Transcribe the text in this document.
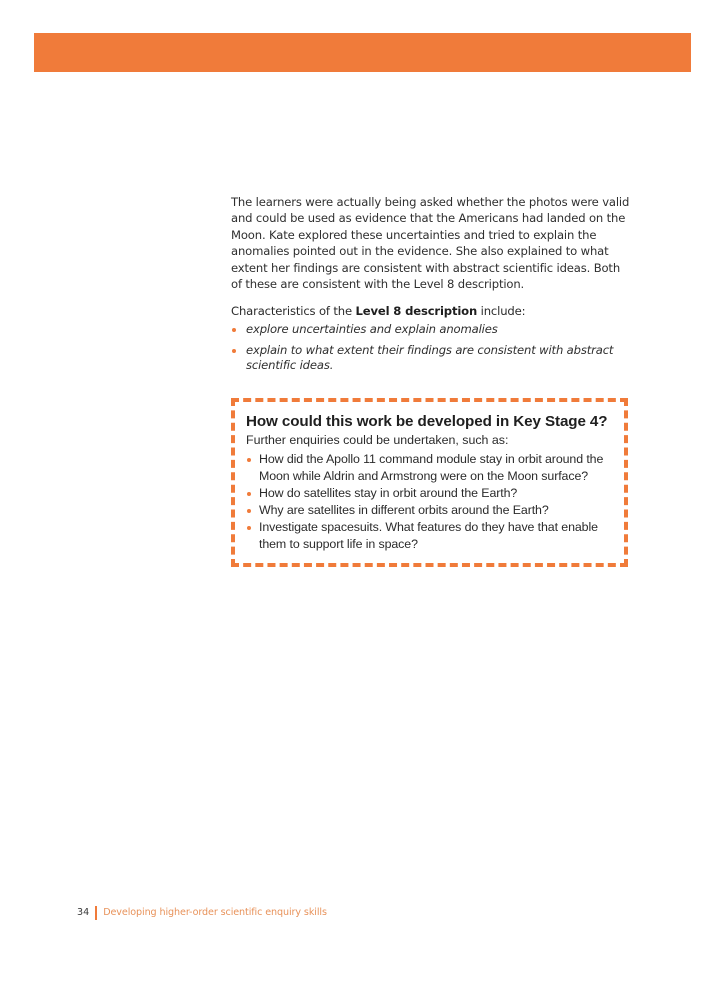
The learners were actually being asked whether the photos were valid and could be used as evidence that the Americans had landed on the Moon. Kate explored these uncertainties and tried to explain the anomalies pointed out in the evidence. She also explained to what extent her findings are consistent with abstract scientific ideas. Both of these are consistent with the Level 8 description.

Characteristics of the Level 8 description include:

explore uncertainties and explain anomalies
explain to what extent their findings are consistent with abstract scientific ideas.
How could this work be developed in Key Stage 4?

Further enquiries could be undertaken, such as:

How did the Apollo 11 command module stay in orbit around the Moon while Aldrin and Armstrong were on the Moon surface?
How do satellites stay in orbit around the Earth?
Why are satellites in different orbits around the Earth?
Investigate spacesuits. What features do they have that enable them to support life in space?
34 Developing higher-order scientific enquiry skills
